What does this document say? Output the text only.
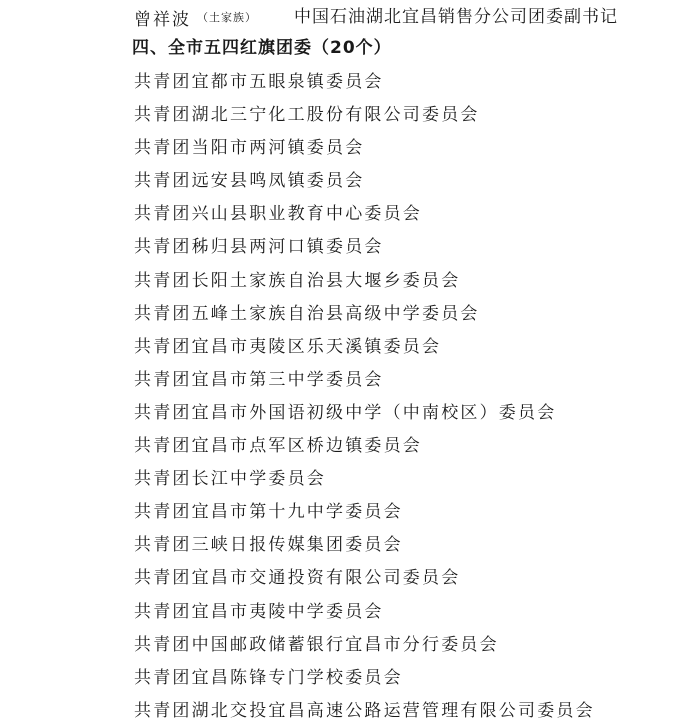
曾祥波 （土家族） 中国石油湖北宜昌销售分公司团委副书记
四、全市五四红旗团委（20个）
共青团宜都市五眼泉镇委员会
共青团湖北三宁化工股份有限公司委员会
共青团当阳市两河镇委员会
共青团远安县鸣凤镇委员会
共青团兴山县职业教育中心委员会
共青团秭归县两河口镇委员会
共青团长阳土家族自治县大堰乡委员会
共青团五峰土家族自治县高级中学委员会
共青团宜昌市夷陵区乐天溪镇委员会
共青团宜昌市第三中学委员会
共青团宜昌市外国语初级中学（中南校区）委员会
共青团宜昌市点军区桥边镇委员会
共青团长江中学委员会
共青团宜昌市第十九中学委员会
共青团三峡日报传媒集团委员会
共青团宜昌市交通投资有限公司委员会
共青团宜昌市夷陵中学委员会
共青团中国邮政储蓄银行宜昌市分行委员会
共青团宜昌陈锋专门学校委员会
共青团湖北交投宜昌高速公路运营管理有限公司委员会
